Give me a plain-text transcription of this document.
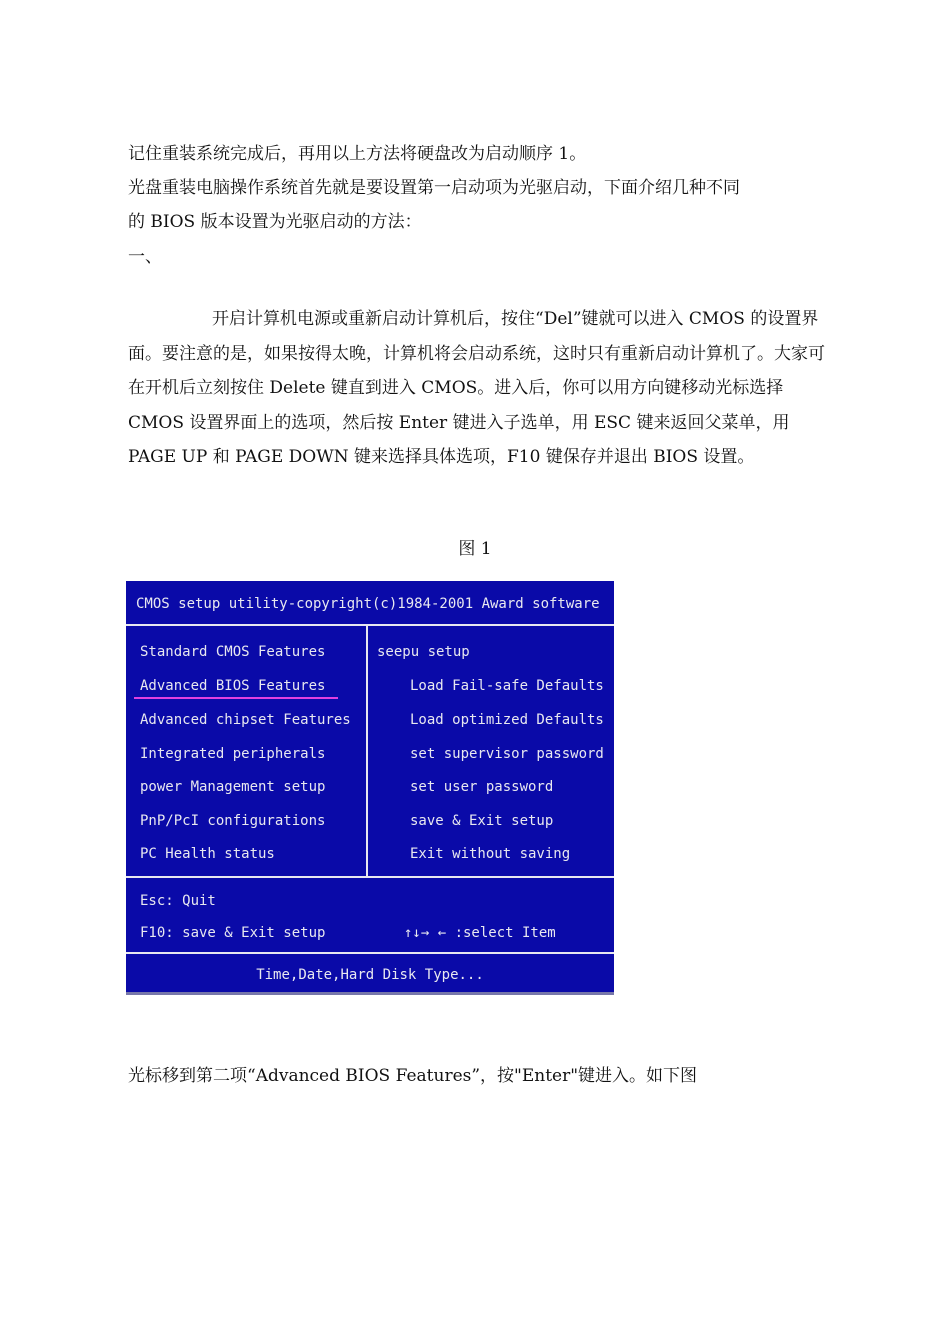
记住重装系统完成后，再用以上方法将硬盘改为启动顺序 1。
光盘重装电脑操作系统首先就是要设置第一启动项为光驱启动，下面介绍几种不同
的 BIOS 版本设置为光驱启动的方法：
一、
开启计算机电源或重新启动计算机后，按住“Del”键就可以进入 CMOS 的设置界面。要注意的是，如果按得太晚，计算机将会启动系统，这时只有重新启动计算机了。大家可在开机后立刻按住 Delete 键直到进入 CMOS。进入后，你可以用方向键移动光标选择 CMOS 设置界面上的选项，然后按 Enter 键进入子选单，用 ESC 键来返回父菜单，用 PAGE UP 和 PAGE DOWN 键来选择具体选项，F10 键保存并退出 BIOS 设置。
图 1
CMOS setup utility-copyright(c)1984-2001 Award software
Standard CMOS Features
Advanced BIOS Features
Advanced chipset Features
Integrated peripherals
power Management setup
PnP/PcI configurations
PC Health status
seepu setup
Load Fail-safe Defaults
Load optimized Defaults
set supervisor password
set user password
save & Exit setup
Exit without saving
Esc: Quit
F10: save & Exit setup	↑↓→ ← :select Item
Time,Date,Hard Disk Type...
光标移到第二项“Advanced BIOS Features”，按"Enter"键进入。如下图
